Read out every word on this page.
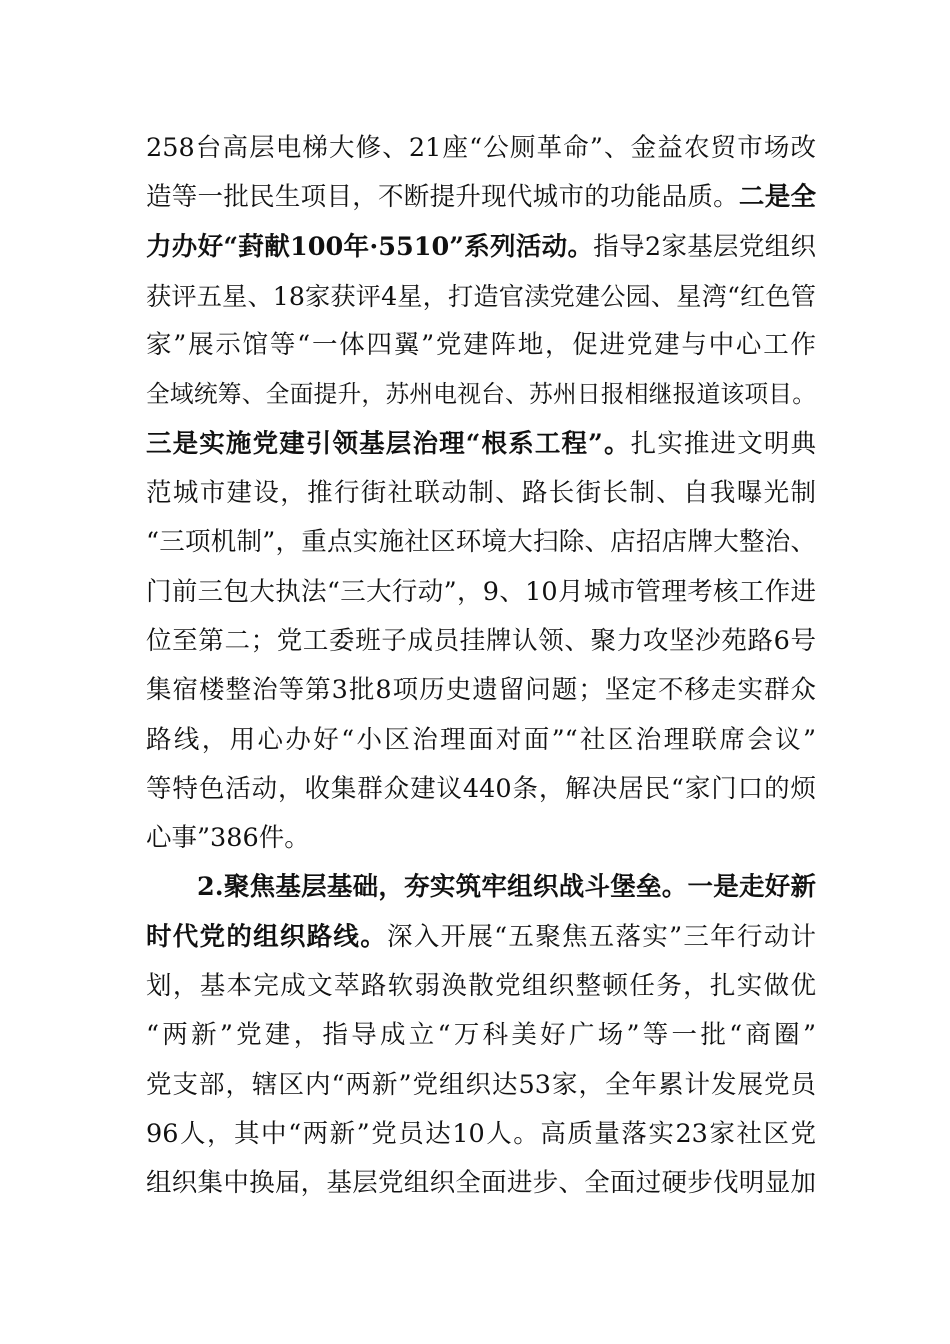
258台高层电梯大修、21座“公厕革命”、金益农贸市场改
造等一批民生项目，不断提升现代城市的功能品质。二是全
力办好“葑献100年·5510”系列活动。指导2家基层党组织
获评五星、18家获评4星，打造官渎党建公园、星湾“红色管
家”展示馆等“一体四翼”党建阵地，促进党建与中心工作
全域统筹、全面提升，苏州电视台、苏州日报相继报道该项目。
三是实施党建引领基层治理“根系工程”。扎实推进文明典
范城市建设，推行街社联动制、路长街长制、自我曝光制
“三项机制”，重点实施社区环境大扫除、店招店牌大整治、
门前三包大执法“三大行动”，9、10月城市管理考核工作进
位至第二；党工委班子成员挂牌认领、聚力攻坚沙苑路6号
集宿楼整治等第3批8项历史遗留问题；坚定不移走实群众
路线，用心办好“小区治理面对面”“社区治理联席会议”
等特色活动，收集群众建议440条，解决居民“家门口的烦
心事”386件。
2.聚焦基层基础，夯实筑牢组织战斗堡垒。一是走好新
时代党的组织路线。深入开展“五聚焦五落实”三年行动计
划，基本完成文萃路软弱涣散党组织整顿任务，扎实做优
“两新”党建，指导成立“万科美好广场”等一批“商圈”
党支部，辖区内“两新”党组织达53家，全年累计发展党员
96人，其中“两新”党员达10人。高质量落实23家社区党
组织集中换届，基层党组织全面进步、全面过硬步伐明显加
